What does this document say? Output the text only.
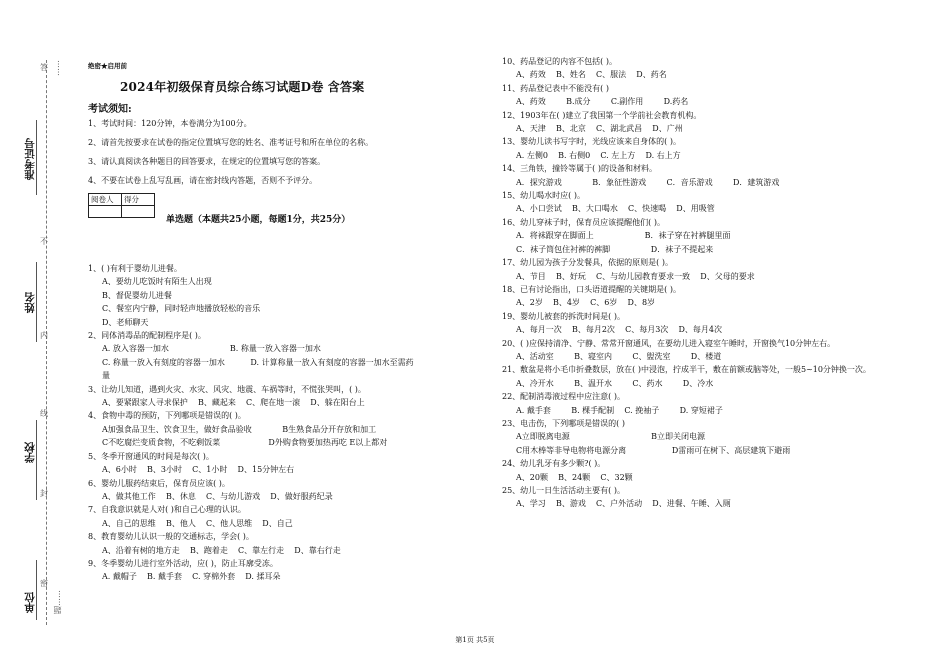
准考证号
姓名
学校
单位
答
不
内
线
封
密
……
题……
绝密★启用前
2024年初级保育员综合练习试题D卷 含答案
考试须知:
1、考试时间：120分钟，本卷满分为100分。
2、请首先按要求在试卷的指定位置填写您的姓名、准考证号和所在单位的名称。
3、请认真阅读各种题目的回答要求，在规定的位置填写您的答案。
4、不要在试卷上乱写乱画，请在密封线内答题，否则不予评分。
阅卷人	得分

单选题（本题共25小题，每题1分，共25分）
1、( )有利于婴幼儿进餐。
A、要幼儿吃饭时有陌生人出现
B、督促婴幼儿进餐
C、餐室内宁静，同时轻声地播放轻松的音乐
D、老师聊天
2、同体消毒品的配制程序是( )。
A. 放入容器一加水                        B. 称量一放入容器一加水
C. 称量一放入有刻度的容器一加水          D. 计算称量一放入有刻度的容器一加水至需药
量
3、让幼儿知道，遇到火灾、水灾、风灾、地震、车祸等时，不慌张哭叫，( )。
A、要紧跟家人寻求保护    B、藏起来    C、爬在地一滚    D、躲在阳台上
4、食物中毒的预防，下列哪项是错误的( )。
A加强食品卫生、饮食卫生，做好食品验收            B生熟食品分开存放和加工
C不吃腐烂变质食物，不吃剩饭菜                   D外购食物要加热再吃 E以上都对
5、冬季开窗通风的时间是每次( )。
A、6小时    B、3小时    C、1小时    D、15分钟左右
6、婴幼儿服药结束后，保育员应该( )。
A、做其他工作    B、休息    C、与幼儿游戏    D、做好服药纪录
7、自我意识就是人对( )和自己心理的认识。
A、自己的思维    B、他人    C、他人思维    D、自己
8、教育婴幼儿认识一般的交通标志，学会( )。
A、沿着有树的地方走    B、跑着走    C、靠左行走    D、靠右行走
9、冬季婴幼儿进行室外活动，应( )，防止耳廓受冻。
A. 戴帽子    B. 戴手套    C. 穿棉外套    D. 揉耳朵
10、药品登记的内容不包括( )。
A、药效    B、姓名    C、服法    D、药名
11、药品登记表中不能没有( )
A、药效        B.成分        C.副作用        D.药名
12、1903年在( )建立了我国第一个学前社会教育机构。
A、天津    B、北京    C、湖北武昌    D、广州
13、婴幼儿读书写字时，光线应该来自身体的( )。
A. 左侧0    B. 右侧0    C. 左上方    D. 右上方
14、三角铁，撞铃等属于( )的设备和材料。
A．探究游戏            B．象征性游戏        C．音乐游戏        D．建筑游戏
15、幼儿喝水时应( )。
A、小口尝试    B、大口喝水    C、快速喝    D、用吸管
16、幼儿穿袜子时，保育员应该提醒他们( )。
A．将袜跟穿在脚面上                    B．袜子穿在衬裤腿里面
C．袜子筒包住衬裤的裤脚                D．袜子不提起来
17、幼儿园为孩子分发餐具，依据的原则是( )。
A、节目    B、好玩    C、与幼儿园教育要求一致    D、父母的要求
18、已有讨论指出，口头语道提醒的关键期是( )。
A、2岁    B、4岁    C、6岁    D、8岁
19、婴幼儿被套的拆洗时间是( )。
A、每月一次    B、每月2次    C、每月3次    D、每月4次
20、( )应保持清净、宁静、常常开窗通风，在要幼儿进入寝室午睡时，开窗换气10分钟左右。
A、活动室        B、寝室内        C、盥洗室        D、楼道
21、敷盆是将小毛巾折叠数层，放在( )中浸泡，拧成半干，敷在前额或脑等处，一般5~10分钟换一次。
A、冷开水        B、温开水        C、药水        D、冷水
22、配制消毒液过程中应注意( )。
A. 戴手套        B. 棵手配制    C. 挽袖子        D. 穿短裙子
23、电击伤，下列哪项是错误的( )
A立即脱离电源                                B立即关闭电源
C用木棒等非导电物将电源分离                  D雷雨可在树下、高层建筑下避雨
24、幼儿乳牙有多少颗?( )。
A、20颗    B、24颗    C、32颗
25、幼儿一日生活活动主要有( )。
A、学习    B、游戏    C、户外活动    D、进餐、午睡、入厕
第1页 共5页
